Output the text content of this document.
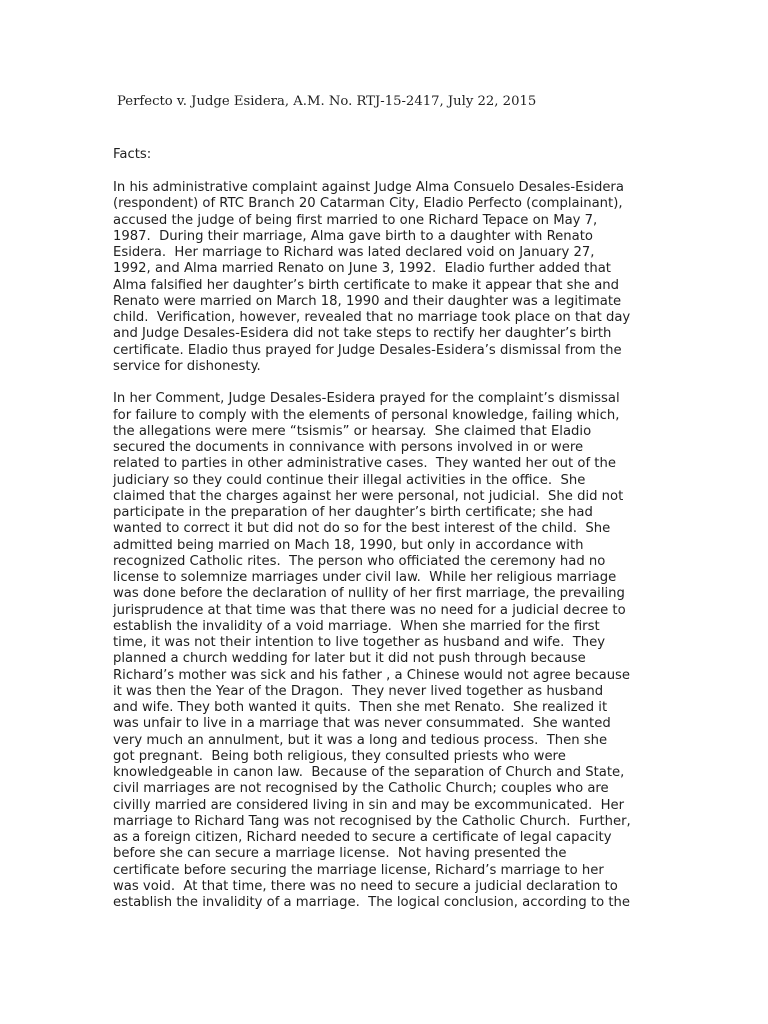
Perfecto v. Judge Esidera, A.M. No. RTJ-15-2417, July 22, 2015
Facts:
In his administrative complaint against Judge Alma Consuelo Desales-Esidera
(respondent) of RTC Branch 20 Catarman City, Eladio Perfecto (complainant),
accused the judge of being first married to one Richard Tepace on May 7,
1987.  During their marriage, Alma gave birth to a daughter with Renato
Esidera.  Her marriage to Richard was lated declared void on January 27,
1992, and Alma married Renato on June 3, 1992.  Eladio further added that
Alma falsified her daughter’s birth certificate to make it appear that she and
Renato were married on March 18, 1990 and their daughter was a legitimate
child.  Verification, however, revealed that no marriage took place on that day
and Judge Desales-Esidera did not take steps to rectify her daughter’s birth
certificate. Eladio thus prayed for Judge Desales-Esidera’s dismissal from the
service for dishonesty.
In her Comment, Judge Desales-Esidera prayed for the complaint’s dismissal
for failure to comply with the elements of personal knowledge, failing which,
the allegations were mere “tsismis” or hearsay.  She claimed that Eladio
secured the documents in connivance with persons involved in or were
related to parties in other administrative cases.  They wanted her out of the
judiciary so they could continue their illegal activities in the office.  She
claimed that the charges against her were personal, not judicial.  She did not
participate in the preparation of her daughter’s birth certificate; she had
wanted to correct it but did not do so for the best interest of the child.  She
admitted being married on Mach 18, 1990, but only in accordance with
recognized Catholic rites.  The person who officiated the ceremony had no
license to solemnize marriages under civil law.  While her religious marriage
was done before the declaration of nullity of her first marriage, the prevailing
jurisprudence at that time was that there was no need for a judicial decree to
establish the invalidity of a void marriage.  When she married for the first
time, it was not their intention to live together as husband and wife.  They
planned a church wedding for later but it did not push through because
Richard’s mother was sick and his father , a Chinese would not agree because
it was then the Year of the Dragon.  They never lived together as husband
and wife. They both wanted it quits.  Then she met Renato.  She realized it
was unfair to live in a marriage that was never consummated.  She wanted
very much an annulment, but it was a long and tedious process.  Then she
got pregnant.  Being both religious, they consulted priests who were
knowledgeable in canon law.  Because of the separation of Church and State,
civil marriages are not recognised by the Catholic Church; couples who are
civilly married are considered living in sin and may be excommunicated.  Her
marriage to Richard Tang was not recognised by the Catholic Church.  Further,
as a foreign citizen, Richard needed to secure a certificate of legal capacity
before she can secure a marriage license.  Not having presented the
certificate before securing the marriage license, Richard’s marriage to her
was void.  At that time, there was no need to secure a judicial declaration to
establish the invalidity of a marriage.  The logical conclusion, according to the
